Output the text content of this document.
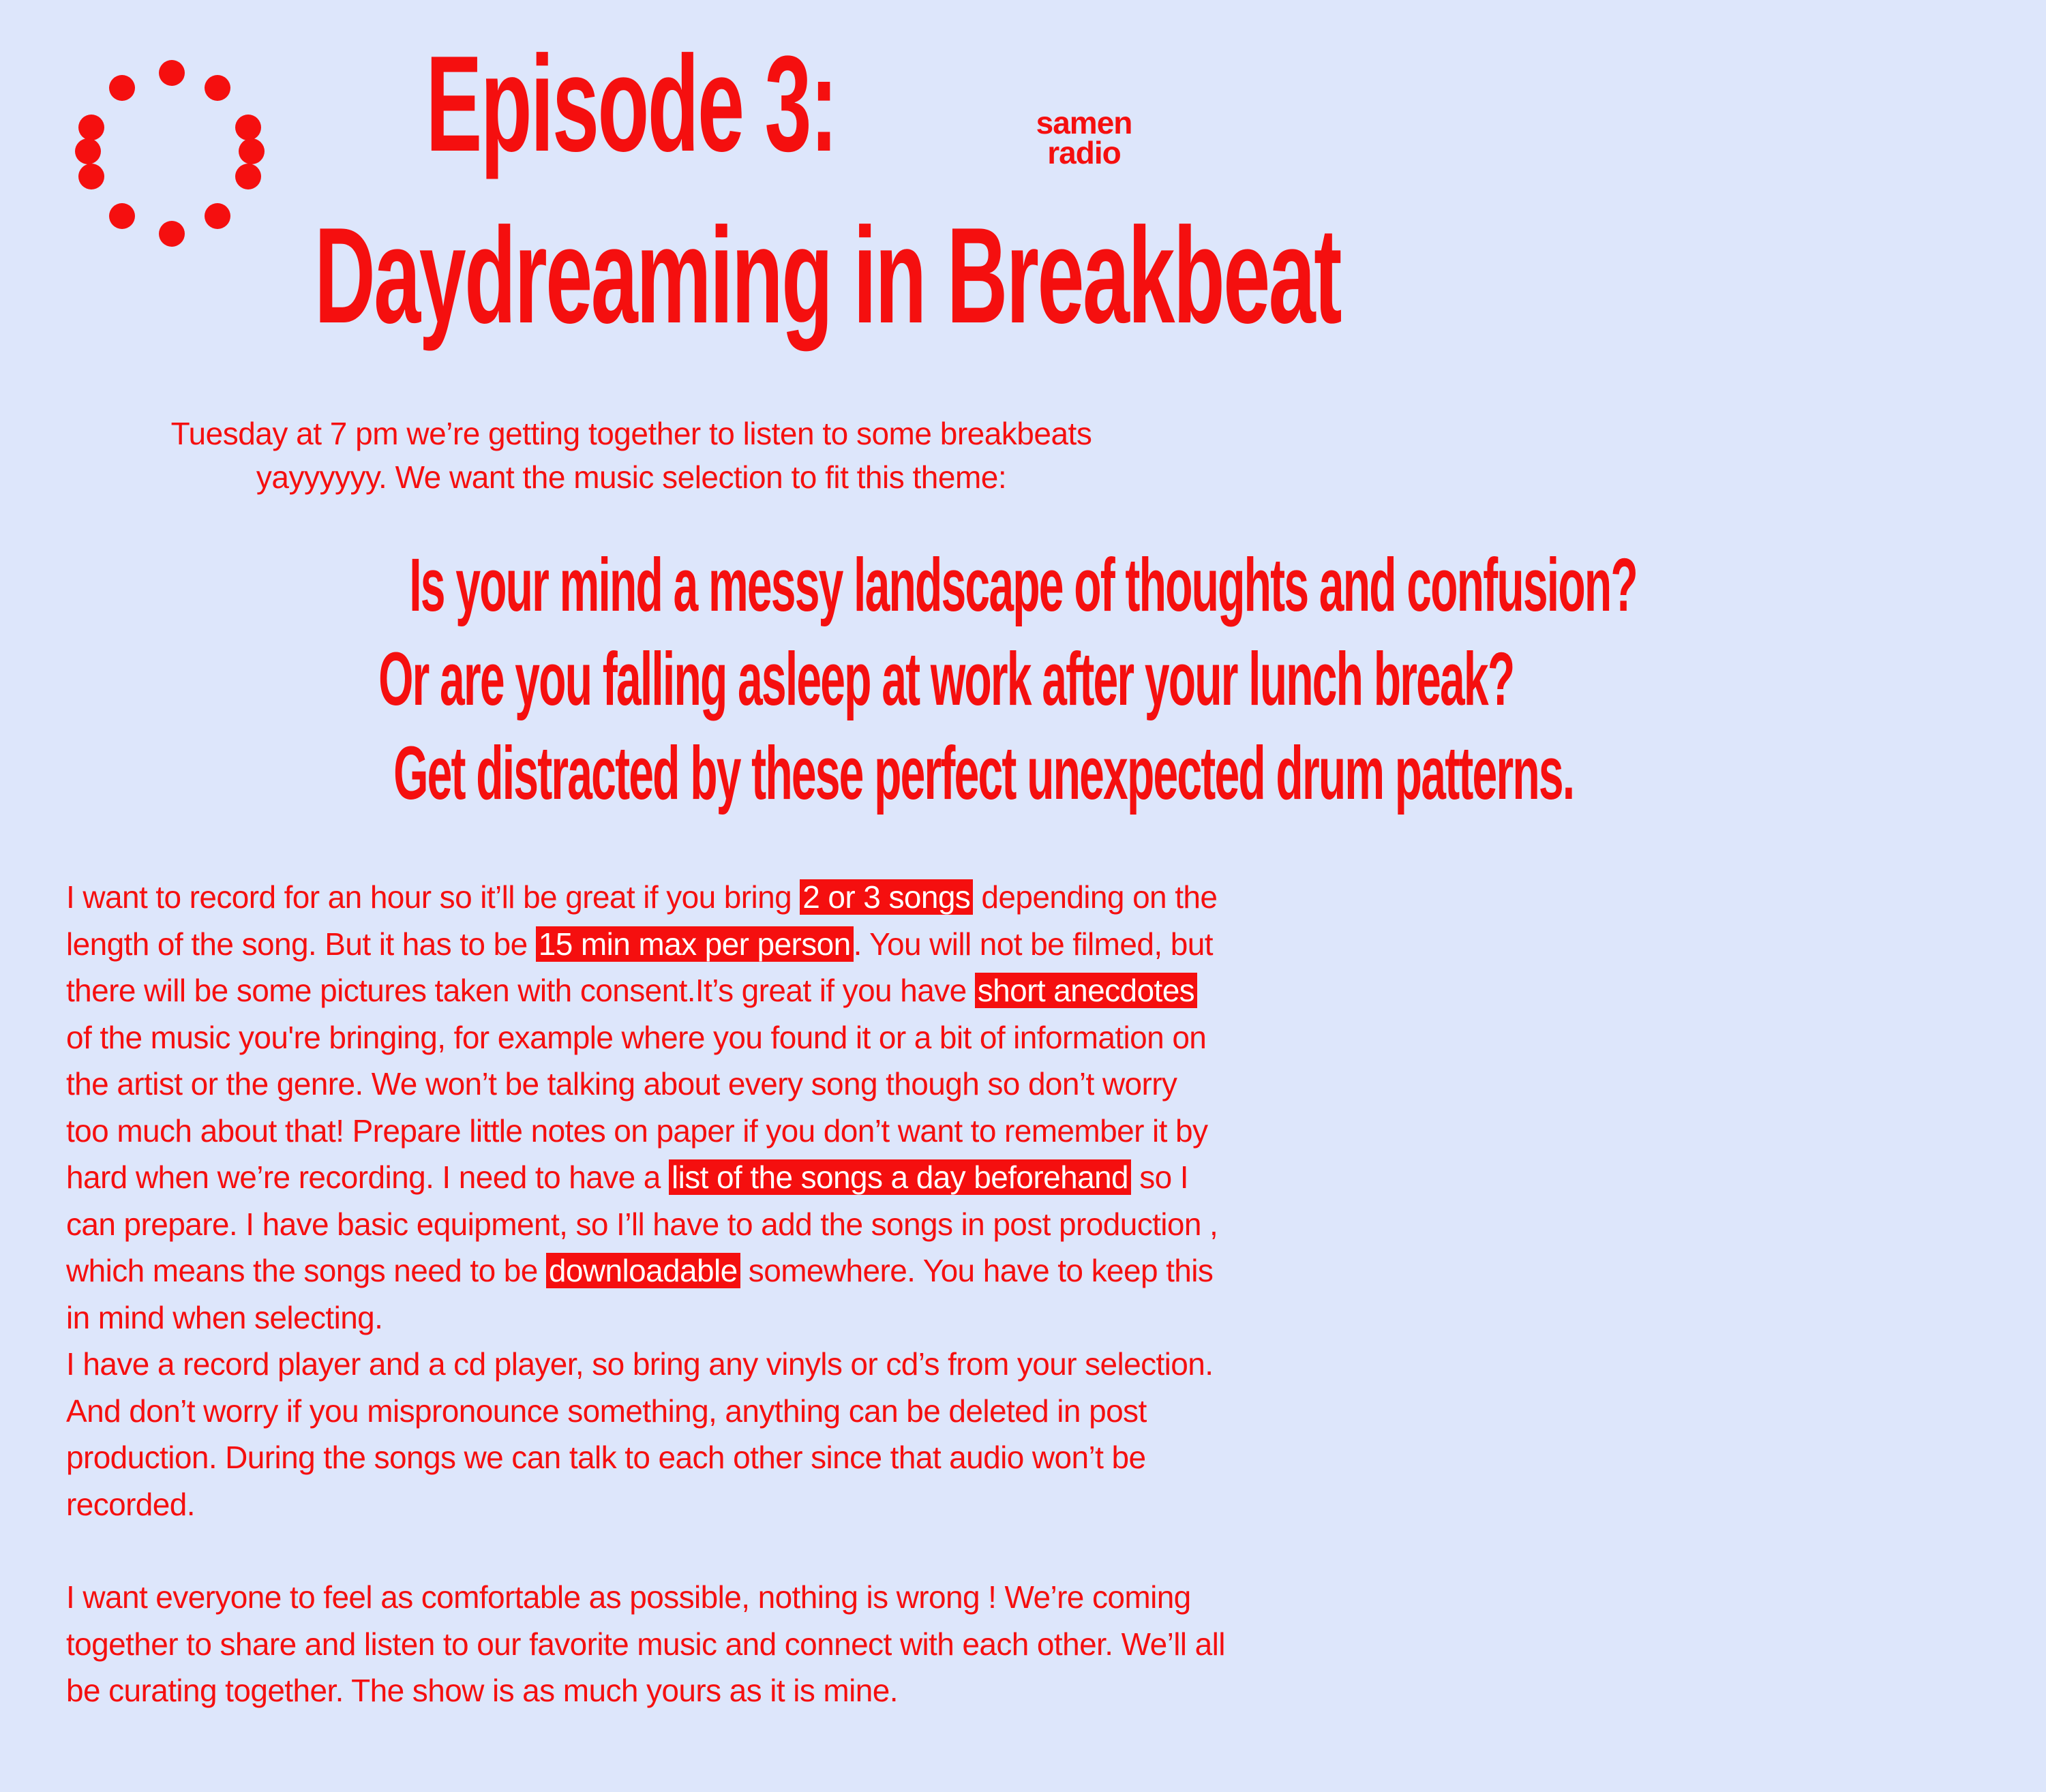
samen
radio
Episode 3:
Daydreaming in Breakbeat

Tuesday at 7 pm we’re getting together to listen to some breakbeats

yayyyyyy. We want the music selection to fit this theme:

Is your mind a messy landscape of thoughts and confusion?
Or are you falling asleep at work after your lunch break?
Get distracted by these perfect unexpected drum patterns.

I want to record for an hour so it’ll be great if you bring 2 or 3 songs depending on the length of the song. But it has to be 15 min max per person. You will not be filmed, but there will be some pictures taken with consent.It’s great if you have short anecdotes of the music you're bringing, for example where you found it or a bit of information on the artist or the genre. We won’t be talking about every song though so don’t worry too much about that! Prepare little notes on paper if you don’t want to remember it by hard when we’re recording. I need to have a list of the songs a day beforehand so I can prepare. I have basic equipment, so I’ll have to add the songs in post production , which means the songs need to be downloadable somewhere. You have to keep this in mind when selecting.

I have a record player and a cd player, so bring any vinyls or cd’s from your selection. And don’t worry if you mispronounce something, anything can be deleted in post production. During the songs we can talk to each other since that audio won’t be recorded.

I want everyone to feel as comfortable as possible, nothing is wrong ! We’re coming together to share and listen to our favorite music and connect with each other. We’ll all be curating together. The show is as much yours as it is mine.
